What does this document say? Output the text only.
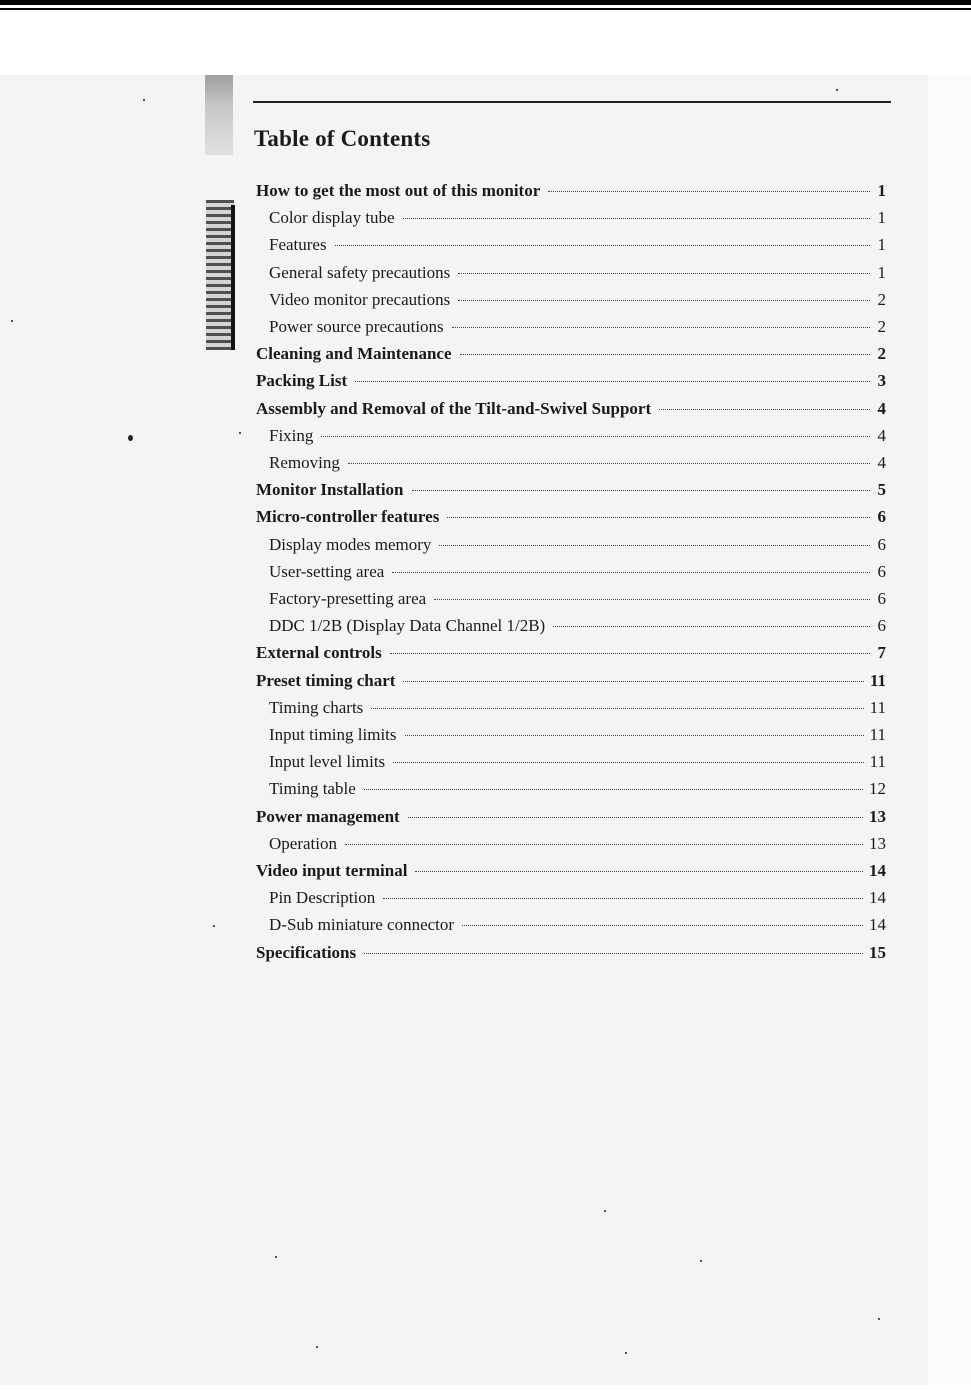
Table of Contents
How to get the most out of this monitor	1
Color display tube	1
Features	1
General safety precautions	1
Video monitor precautions	2
Power source precautions	2
Cleaning and Maintenance	2
Packing List	3
Assembly and Removal of the Tilt-and-Swivel Support	4
Fixing	4
Removing	4
Monitor Installation	5
Micro-controller features	6
Display modes memory	6
User-setting area	6
Factory-presetting area	6
DDC 1/2B (Display Data Channel 1/2B)	6
External controls	7
Preset timing chart	11
Timing charts	11
Input timing limits	11
Input level limits	11
Timing table	12
Power management	13
Operation	13
Video input terminal	14
Pin Description	14
D-Sub miniature connector	14
Specifications	15
